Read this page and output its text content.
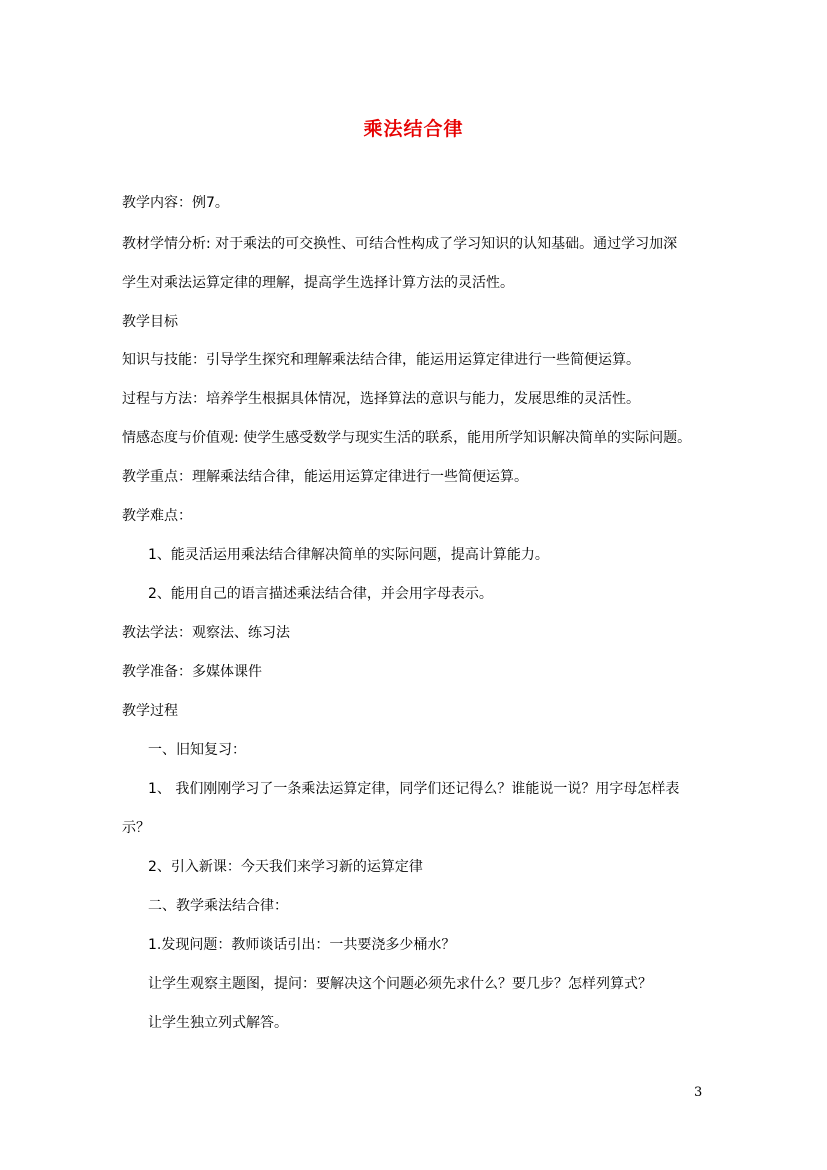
乘法结合律
教学内容：例7。
教材学情分析: 对于乘法的可交换性、可结合性构成了学习知识的认知基础。通过学习加深
学生对乘法运算定律的理解，提高学生选择计算方法的灵活性。
教学目标
知识与技能：引导学生探究和理解乘法结合律，能运用运算定律进行一些简便运算。
过程与方法：培养学生根据具体情况，选择算法的意识与能力，发展思维的灵活性。
情感态度与价值观: 使学生感受数学与现实生活的联系，能用所学知识解决简单的实际问题。
教学重点：理解乘法结合律，能运用运算定律进行一些简便运算。
教学难点：
1、能灵活运用乘法结合律解决简单的实际问题，提高计算能力。
2、能用自己的语言描述乘法结合律，并会用字母表示。
教法学法：观察法、练习法
教学准备：多媒体课件
教学过程
一、旧知复习：
1、 我们刚刚学习了一条乘法运算定律，同学们还记得么？谁能说一说？用字母怎样表
示？
2、引入新课：今天我们来学习新的运算定律
二、教学乘法结合律：
1.发现问题：教师谈话引出：一共要浇多少桶水？
让学生观察主题图，提问：要解决这个问题必须先求什么？要几步？怎样列算式？
让学生独立列式解答。
3
